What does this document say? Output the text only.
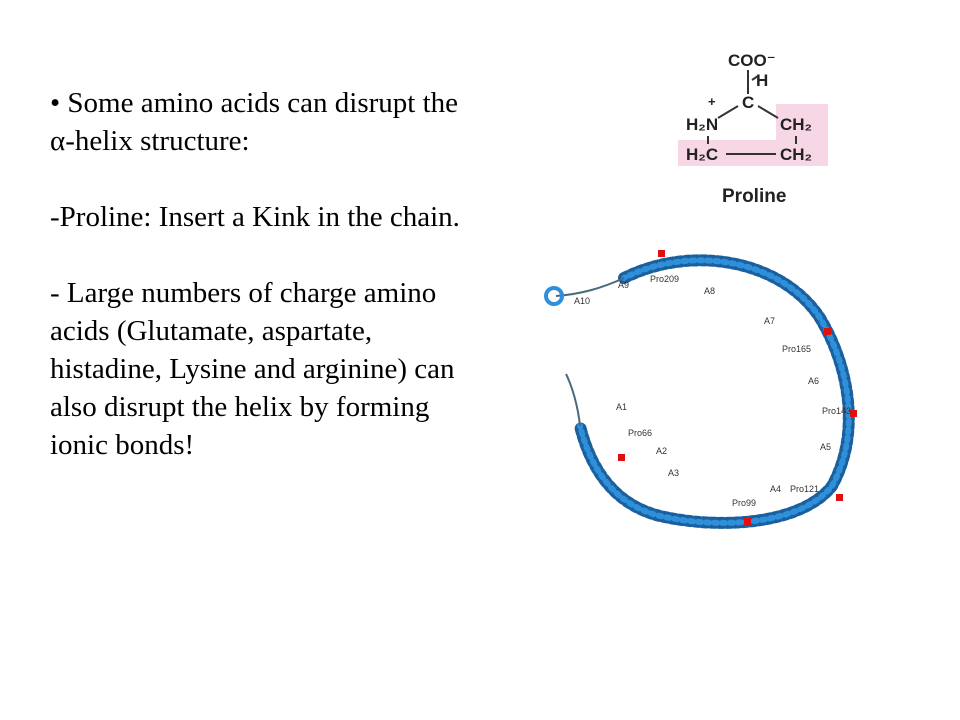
• Some amino acids can disrupt the α-helix structure:

-Proline: Insert a Kink in the chain.

- Large numbers of charge amino acids (Glutamate, aspartate, histadine, Lysine and arginine) can also disrupt the helix by forming ionic bonds!

COO⁻
H
C
+
H₂N	CH₂
H₂C	CH₂
Proline
A10
A9
Pro209
A8
A7
Pro165
A6
Pro143
A5
Pro121
A4
Pro99
A3
A2
Pro66
A1
